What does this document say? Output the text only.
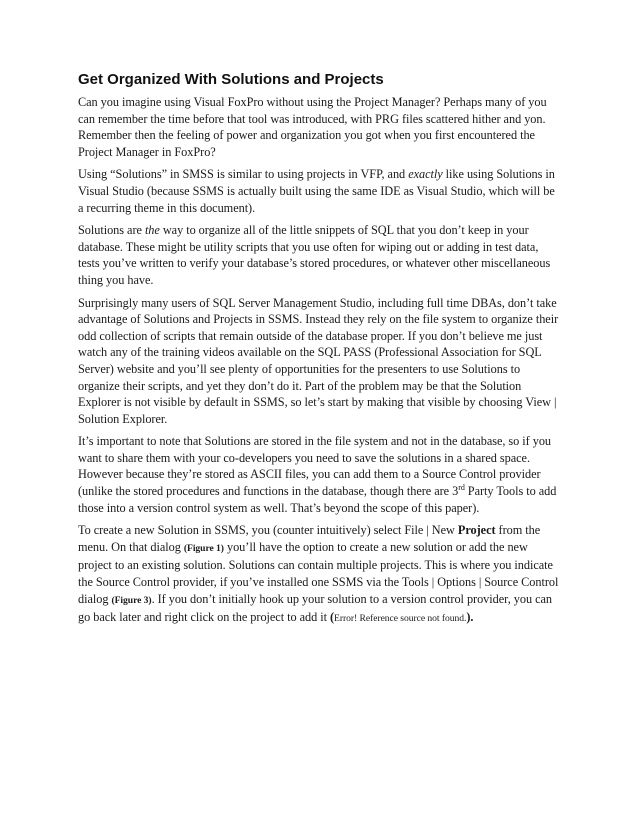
Get Organized With Solutions and Projects

Can you imagine using Visual FoxPro without using the Project Manager? Perhaps many of you can remember the time before that tool was introduced, with PRG files scattered hither and yon. Remember then the feeling of power and organization you got when you first encountered the Project Manager in FoxPro?

Using “Solutions” in SMSS is similar to using projects in VFP, and exactly like using Solutions in Visual Studio (because SSMS is actually built using the same IDE as Visual Studio, which will be a recurring theme in this document).

Solutions are the way to organize all of the little snippets of SQL that you don’t keep in your database. These might be utility scripts that you use often for wiping out or adding in test data, tests you’ve written to verify your database’s stored procedures, or whatever other miscellaneous thing you have.

Surprisingly many users of SQL Server Management Studio, including full time DBAs, don’t take advantage of Solutions and Projects in SSMS. Instead they rely on the file system to organize their odd collection of scripts that remain outside of the database proper. If you don’t believe me just watch any of the training videos available on the SQL PASS (Professional Association for SQL Server) website and you’ll see plenty of opportunities for the presenters to use Solutions to organize their scripts, and yet they don’t do it. Part of the problem may be that the Solution Explorer is not visible by default in SSMS, so let’s start by making that visible by choosing View | Solution Explorer.

It’s important to note that Solutions are stored in the file system and not in the database, so if you want to share them with your co-developers you need to save the solutions in a shared space. However because they’re stored as ASCII files, you can add them to a Source Control provider (unlike the stored procedures and functions in the database, though there are 3rd Party Tools to add those into a version control system as well. That’s beyond the scope of this paper).

To create a new Solution in SSMS, you (counter intuitively) select File | New Project from the menu. On that dialog (Figure 1) you’ll have the option to create a new solution or add the new project to an existing solution. Solutions can contain multiple projects. This is where you indicate the Source Control provider, if you’ve installed one SSMS via the Tools | Options | Source Control dialog (Figure 3). If you don’t initially hook up your solution to a version control provider, you can go back later and right click on the project to add it (Error! Reference source not found.).
